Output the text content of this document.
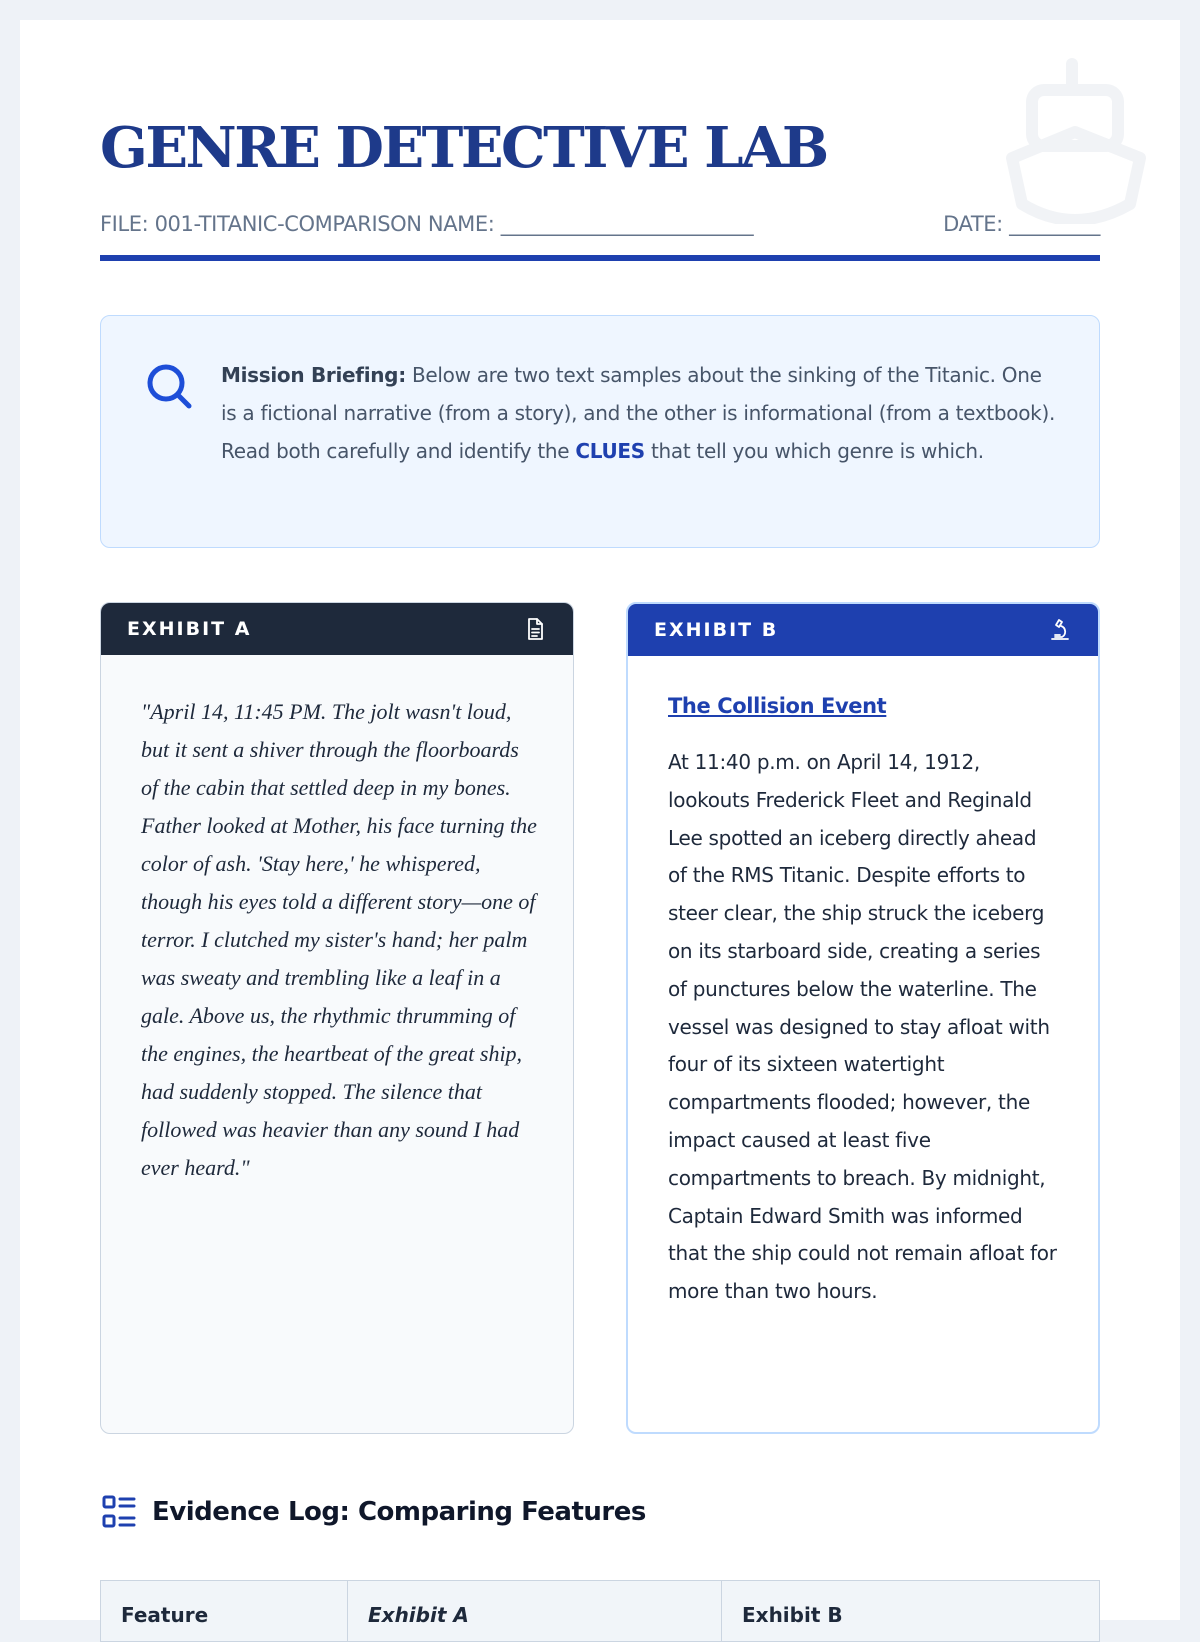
GENRE DETECTIVE LAB
FILE: 001-TITANIC-COMPARISON NAME: _________________________	DATE: _________

Mission Briefing: Below are two text samples about the sinking of the Titanic. One is a fictional narrative (from a story), and the other is informational (from a textbook). Read both carefully and identify the CLUES that tell you which genre is which.

EXHIBIT A

"April 14, 11:45 PM. The jolt wasn't loud, but it sent a shiver through the floorboards of the cabin that settled deep in my bones. Father looked at Mother, his face turning the color of ash. 'Stay here,' he whispered, though his eyes told a different story—one of terror. I clutched my sister's hand; her palm was sweaty and trembling like a leaf in a gale. Above us, the rhythmic thrumming of the engines, the heartbeat of the great ship, had suddenly stopped. The silence that followed was heavier than any sound I had ever heard."

EXHIBIT B

The Collision Event

At 11:40 p.m. on April 14, 1912, lookouts Frederick Fleet and Reginald Lee spotted an iceberg directly ahead of the RMS Titanic. Despite efforts to steer clear, the ship struck the iceberg on its starboard side, creating a series of punctures below the waterline. The vessel was designed to stay afloat with four of its sixteen watertight compartments flooded; however, the impact caused at least five compartments to breach. By midnight, Captain Edward Smith was informed that the ship could not remain afloat for more than two hours.

Evidence Log: Comparing Features
Feature	Exhibit A	Exhibit B
